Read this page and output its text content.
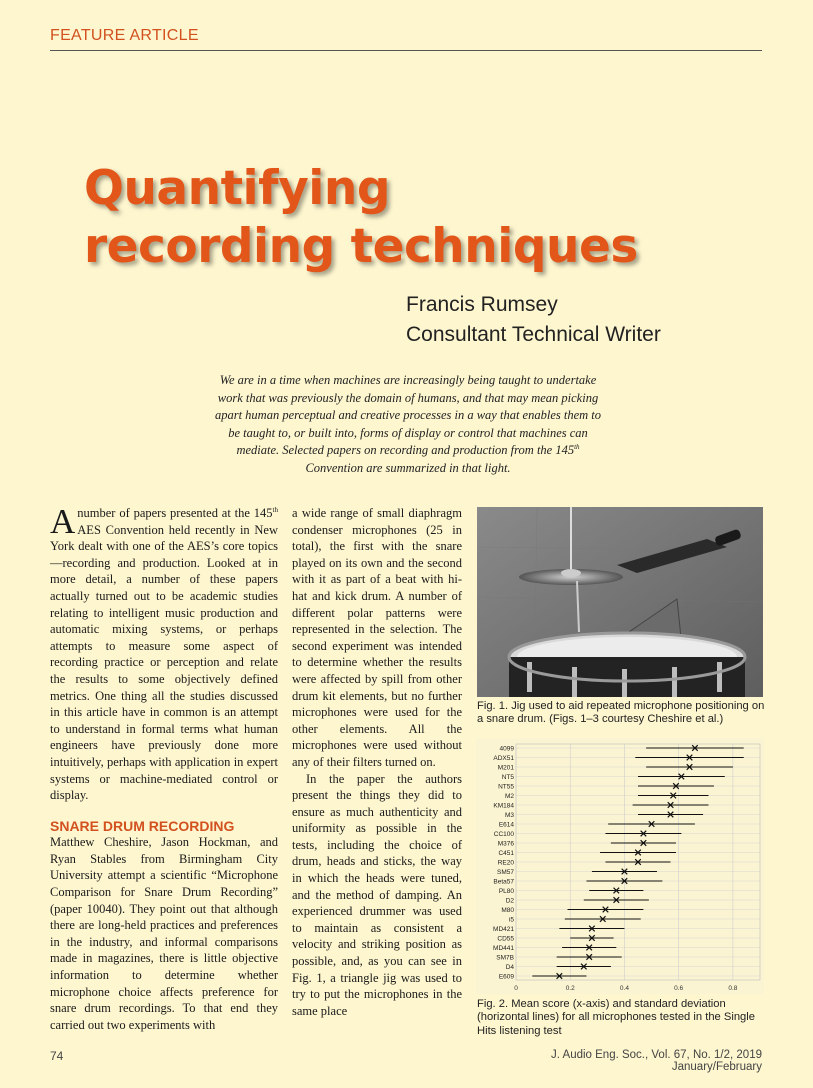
FEATURE ARTICLE
Quantifying
recording techniques
Francis Rumsey
Consultant Technical Writer
We are in a time when machines are increasingly being taught to undertake work that was previously the domain of humans, and that may mean picking apart human perceptual and creative processes in a way that enables them to be taught to, or built into, forms of display or control that machines can mediate. Selected papers on recording and production from the 145th Convention are summarized in that light.

Anumber of papers presented at the 145th AES Convention held recently in New York dealt with one of the AES’s core topics—recording and production. Looked at in more detail, a number of these papers actually turned out to be academic studies relating to intelligent music production and automatic mixing systems, or perhaps attempts to measure some aspect of recording practice or perception and relate the results to some objectively defined metrics. One thing all the studies discussed in this article have in common is an attempt to understand in formal terms what human engineers have previously done more intuitively, perhaps with application in expert systems or machine-mediated control or display.

SNARE DRUM RECORDING

Matthew Cheshire, Jason Hockman, and Ryan Stables from Birmingham City University attempt a scientific “Microphone Comparison for Snare Drum Recording” (paper 10040). They point out that although there are long-held practices and preferences in the industry, and informal comparisons made in magazines, there is little objective information to determine whether microphone choice affects preference for snare drum recordings. To that end they carried out two experiments with

a wide range of small diaphragm condenser microphones (25 in total), the first with the snare played on its own and the second with it as part of a beat with hi-hat and kick drum. A number of different polar patterns were represented in the selection. The second experiment was intended to determine whether the results were affected by spill from other drum kit elements, but no further microphones were used for the other elements. All the microphones were used without any of their filters turned on.

In the paper the authors present the things they did to ensure as much authenticity and uniformity as possible in the tests, including the choice of drum, heads and sticks, the way in which the heads were tuned, and the method of damping. An experienced drummer was used to maintain as consistent a velocity and striking position as possible, and, as you can see in Fig. 1, a triangle jig was used to try to put the microphones in the same place

Fig. 1. Jig used to aid repeated microphone positioning on a snare drum. (Figs. 1–3 courtesy Cheshire et al.)
0	0.2	0.4	0.6	0.8
4099
ADX51
M201
NT5
NT55
M2
KM184
M3
E614
CC100
M376
C451
RE20
SM57
Beta57
PL80
D2
M80
i5
MD421
CD55
MD441
SM7B
D4
E609
Fig. 2. Mean score (x-axis) and standard deviation (horizontal lines) for all microphones tested in the Single Hits listening test
74	J. Audio Eng. Soc., Vol. 67, No. 1/2, 2019 January/February
